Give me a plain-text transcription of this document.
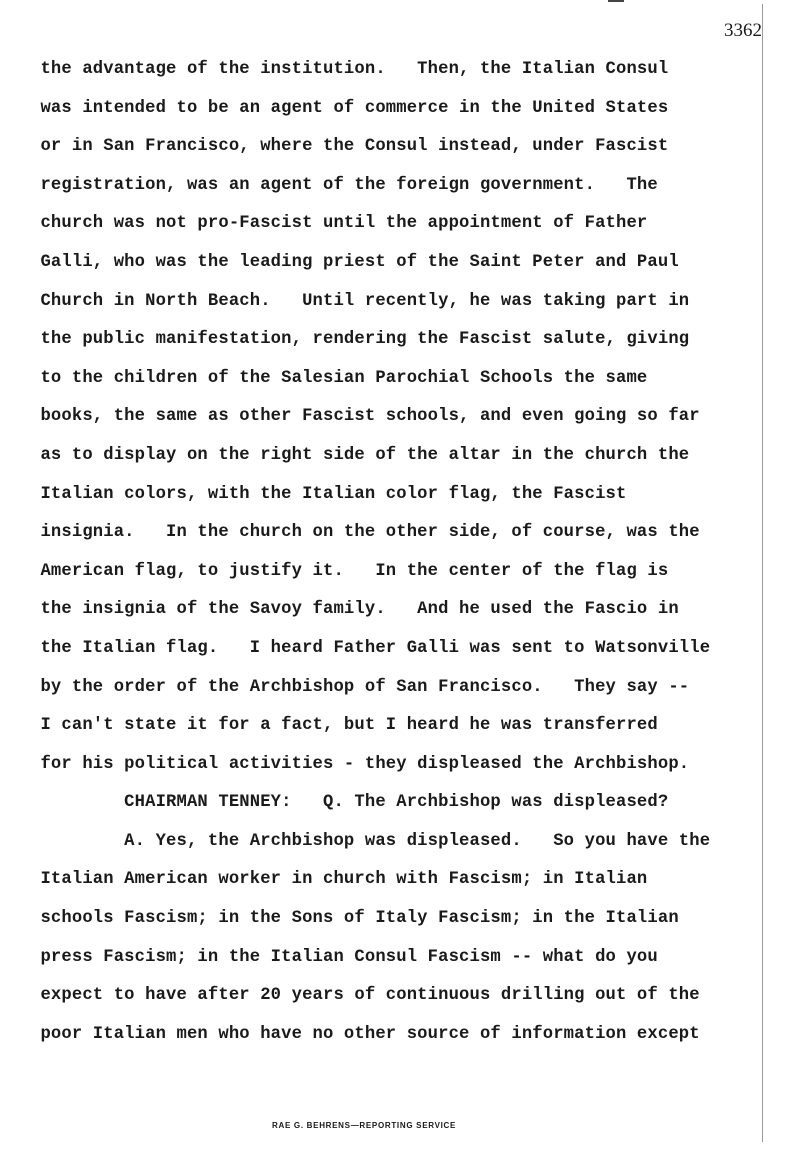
3362
the advantage of the institution.   Then, the Italian Consul
was intended to be an agent of commerce in the United States
or in San Francisco, where the Consul instead, under Fascist
registration, was an agent of the foreign government.   The
church was not pro-Fascist until the appointment of Father
Galli, who was the leading priest of the Saint Peter and Paul
Church in North Beach.   Until recently, he was taking part in
the public manifestation, rendering the Fascist salute, giving
to the children of the Salesian Parochial Schools the same
books, the same as other Fascist schools, and even going so far
as to display on the right side of the altar in the church the
Italian colors, with the Italian color flag, the Fascist
insignia.   In the church on the other side, of course, was the
American flag, to justify it.   In the center of the flag is
the insignia of the Savoy family.   And he used the Fascio in
the Italian flag.   I heard Father Galli was sent to Watsonville
by the order of the Archbishop of San Francisco.   They say --
I can't state it for a fact, but I heard he was transferred
for his political activities - they displeased the Archbishop.
CHAIRMAN TENNEY:   Q. The Archbishop was displeased?
A. Yes, the Archbishop was displeased.   So you have the
Italian American worker in church with Fascism; in Italian
schools Fascism; in the Sons of Italy Fascism; in the Italian
press Fascism; in the Italian Consul Fascism -- what do you
expect to have after 20 years of continuous drilling out of the
poor Italian men who have no other source of information except
RAE G. BEHRENS—REPORTING SERVICE
